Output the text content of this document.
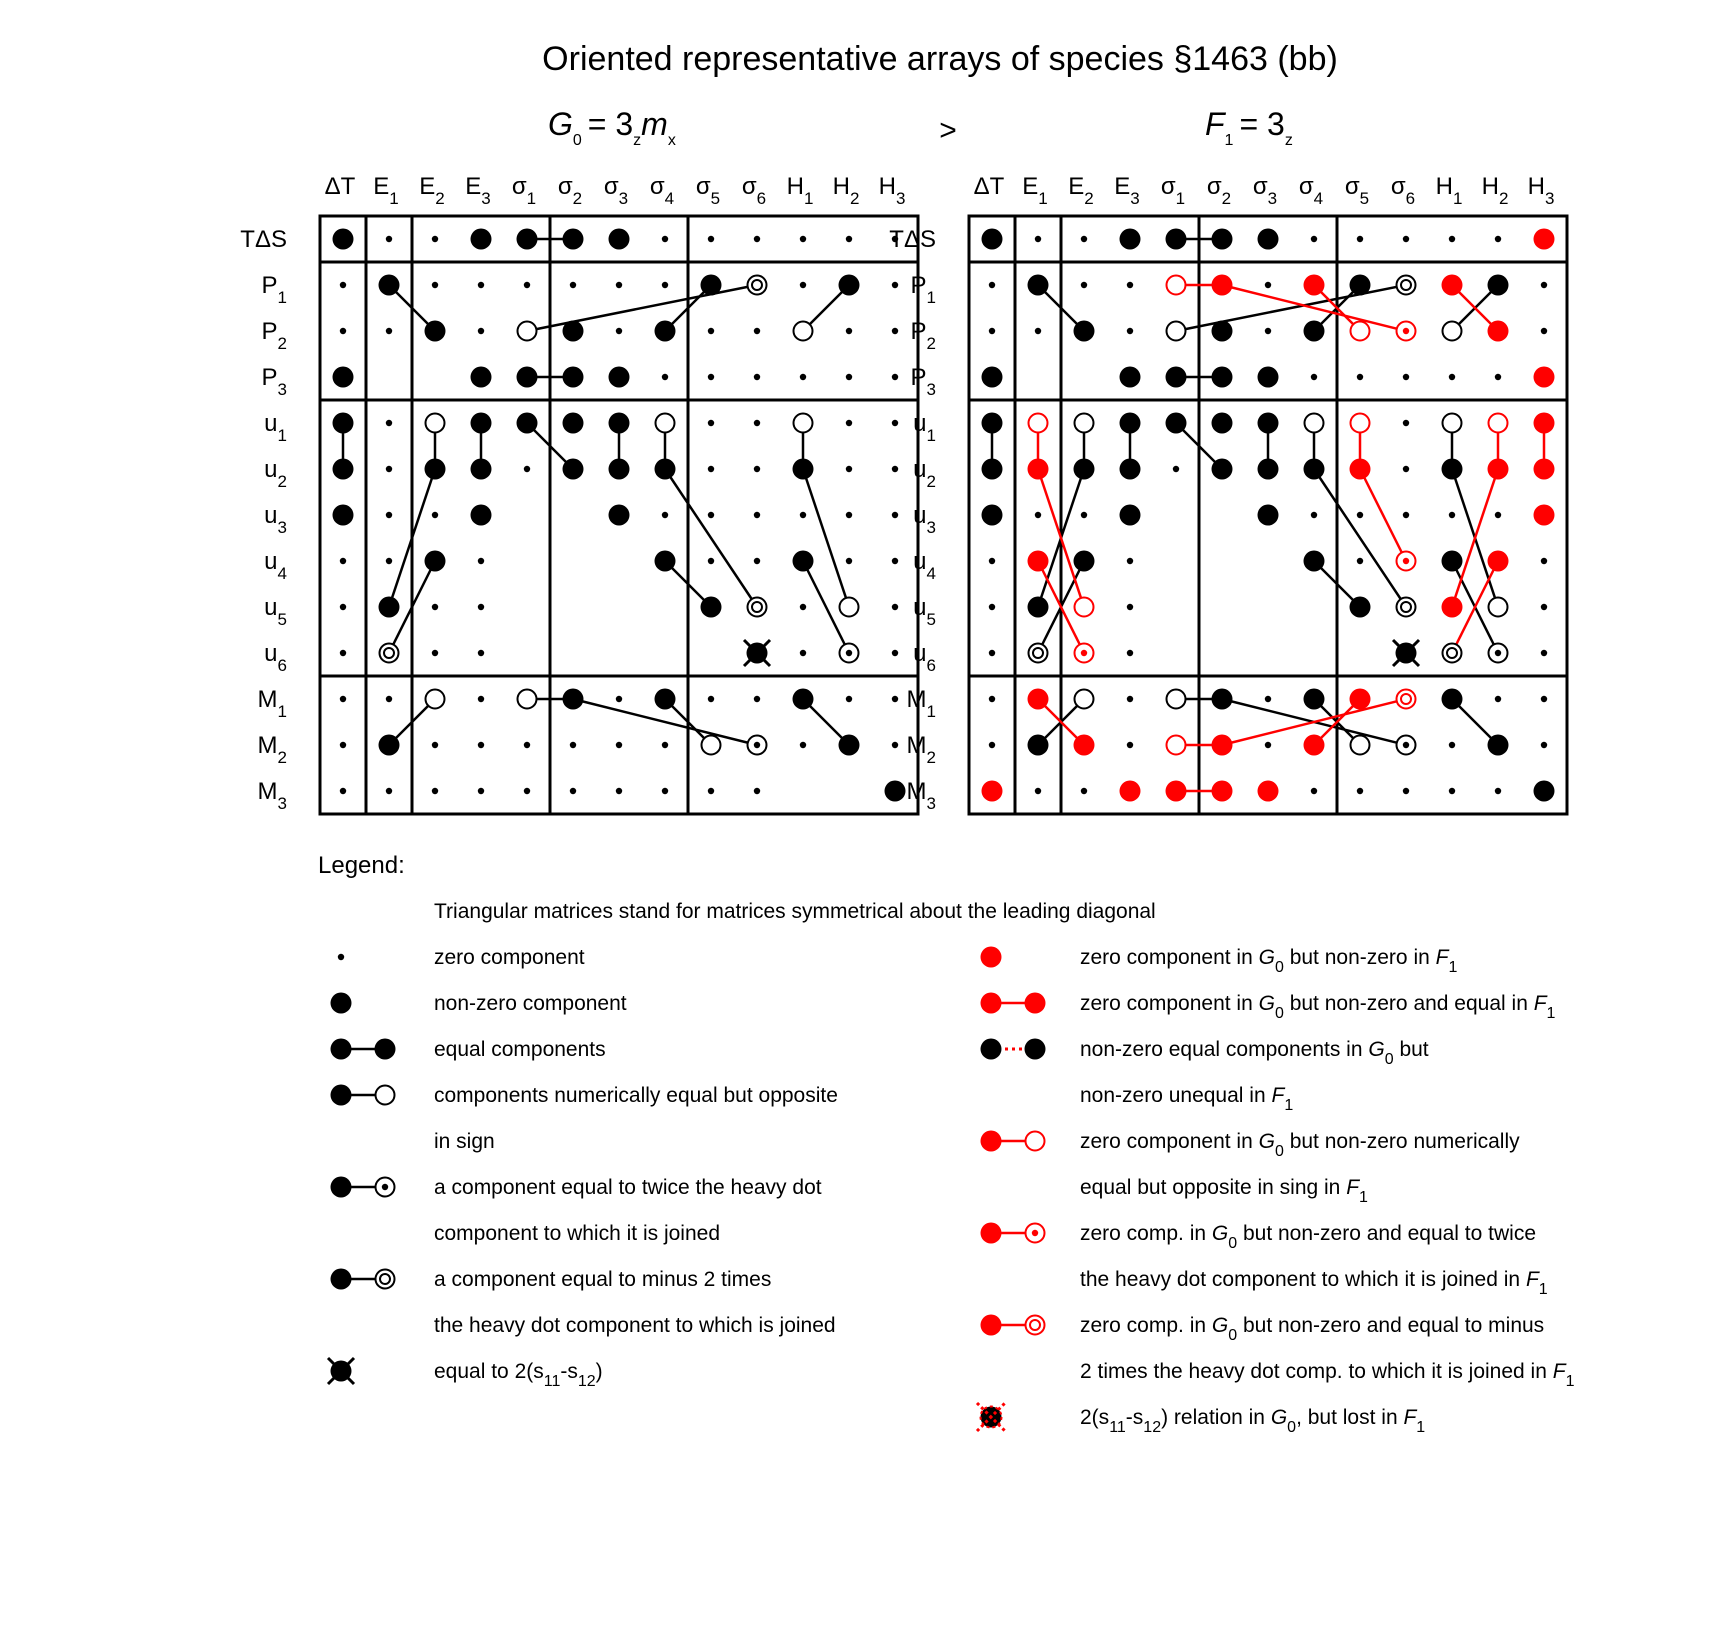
Oriented representative arrays of species §1463 (bb)
$G_0 = 3_zm_x$	>	$F_1 = 3_z$
ΔT $E_1$ $E_2$ $E_3$ $\sigma_1$ $\sigma_2$ $\sigma_3$ $\sigma_4$ $\sigma_5$ $\sigma_6$ $H_1$ $H_2$ $H_3$
TΔS
$P_1$
$P_2$
$P_3$
$u_1$
$u_2$
$u_3$
$u_4$
$u_5$
$u_6$
$M_1$
$M_2$
$M_3$
ΔT $E_1$ $E_2$ $E_3$ $\sigma_1$ $\sigma_2$ $\sigma_3$ $\sigma_4$ $\sigma_5$ $\sigma_6$ $H_1$ $H_2$ $H_3$
TΔS
$P_1$
$P_2$
$P_3$
$u_1$
$u_2$
$u_3$
$u_4$
$u_5$
$u_6$
$M_1$
$M_2$
$M_3$
Legend:
Triangular matrices stand for matrices symmetrical about the leading diagonal
zero component
non-zero component
equal components
components numerically equal but opposite
in sign
a component equal to twice the heavy dot
component to which it is joined
a component equal to minus 2 times
the heavy dot component to which is joined
equal to $2(s_{11}-s_{12})$
zero component in $G_0$ but non-zero in $F_1$
zero component in $G_0$ but non-zero and equal in $F_1$
non-zero equal components in $G_0$ but
non-zero unequal in $F_1$
zero component in $G_0$ but non-zero numerically
equal but opposite in sing in $F_1$
zero comp. in $G_0$ but non-zero and equal to twice
the heavy dot component to which it is joined in $F_1$
zero comp. in $G_0$ but non-zero and equal to minus
2 times the heavy dot comp. to which it is joined in $F_1$
$2(s_{11}-s_{12})$ relation in $G_0$, but lost in $F_1$
